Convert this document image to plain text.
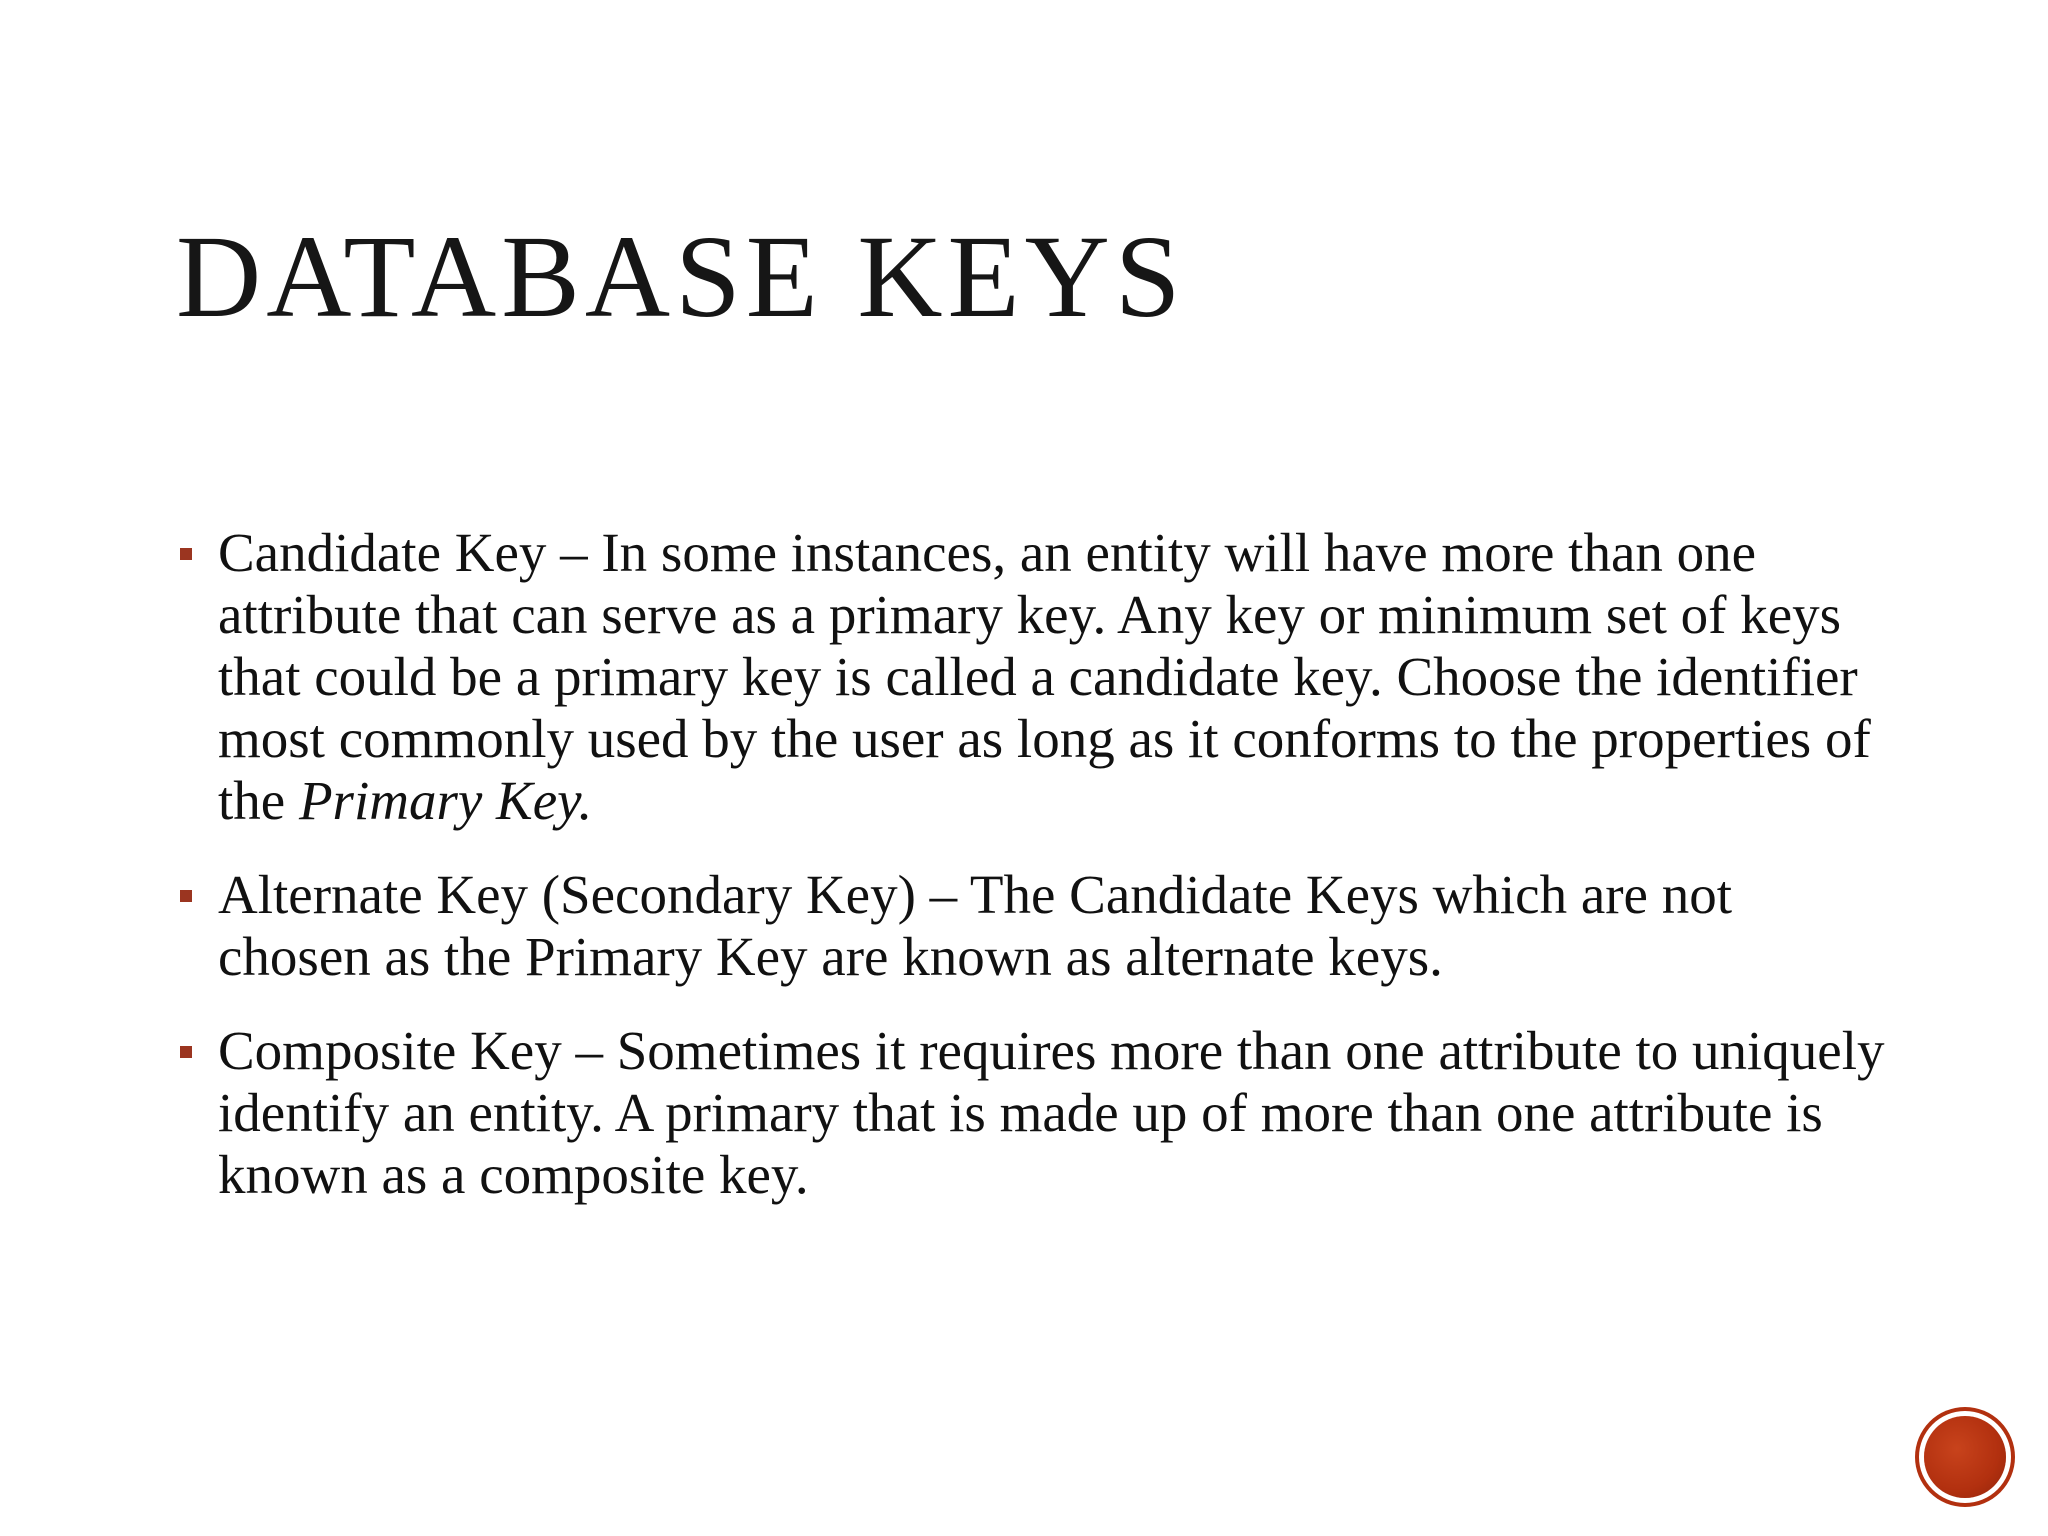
DATABASE KEYS
Candidate Key – In some instances, an entity will have more than one attribute that can serve as a primary key. Any key or minimum set of keys that could be a primary key is called a candidate key. Choose the identifier most commonly used by the user as long as it conforms to the properties of the Primary Key.
Alternate Key (Secondary Key) – The Candidate Keys which are not chosen as the Primary Key are known as alternate keys.
Composite Key – Sometimes it requires more than one attribute to uniquely identify an entity. A primary that is made up of more than one attribute is known as a composite key.
